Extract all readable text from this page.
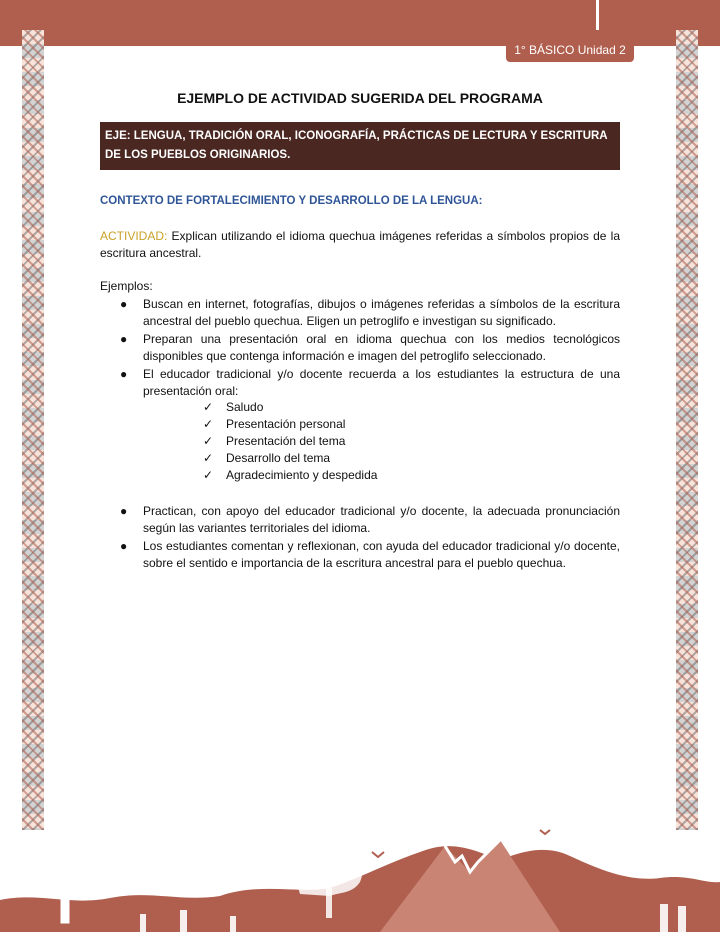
1° BÁSICO Unidad 2
EJEMPLO DE ACTIVIDAD SUGERIDA DEL PROGRAMA
EJE: LENGUA, TRADICIÓN ORAL, ICONOGRAFÍA, PRÁCTICAS DE LECTURA Y ESCRITURA DE LOS PUEBLOS ORIGINARIOS.
CONTEXTO DE FORTALECIMIENTO Y DESARROLLO DE LA LENGUA:
ACTIVIDAD: Explican utilizando el idioma quechua imágenes referidas a símbolos propios de la escritura ancestral.
Ejemplos:
● Buscan en internet, fotografías, dibujos o imágenes referidas a símbolos de la escritura ancestral del pueblo quechua. Eligen un petroglifo e investigan su significado.
● Preparan una presentación oral en idioma quechua con los medios tecnológicos disponibles que contenga información e imagen del petroglifo seleccionado.
● El educador tradicional y/o docente recuerda a los estudiantes la estructura de una presentación oral:
✓ Saludo
✓ Presentación personal
✓ Presentación del tema
✓ Desarrollo del tema
✓ Agradecimiento y despedida
● Practican, con apoyo del educador tradicional y/o docente, la adecuada pronunciación según las variantes territoriales del idioma.
● Los estudiantes comentan y reflexionan, con ayuda del educador tradicional y/o docente, sobre el sentido e importancia de la escritura ancestral para el pueblo quechua.
